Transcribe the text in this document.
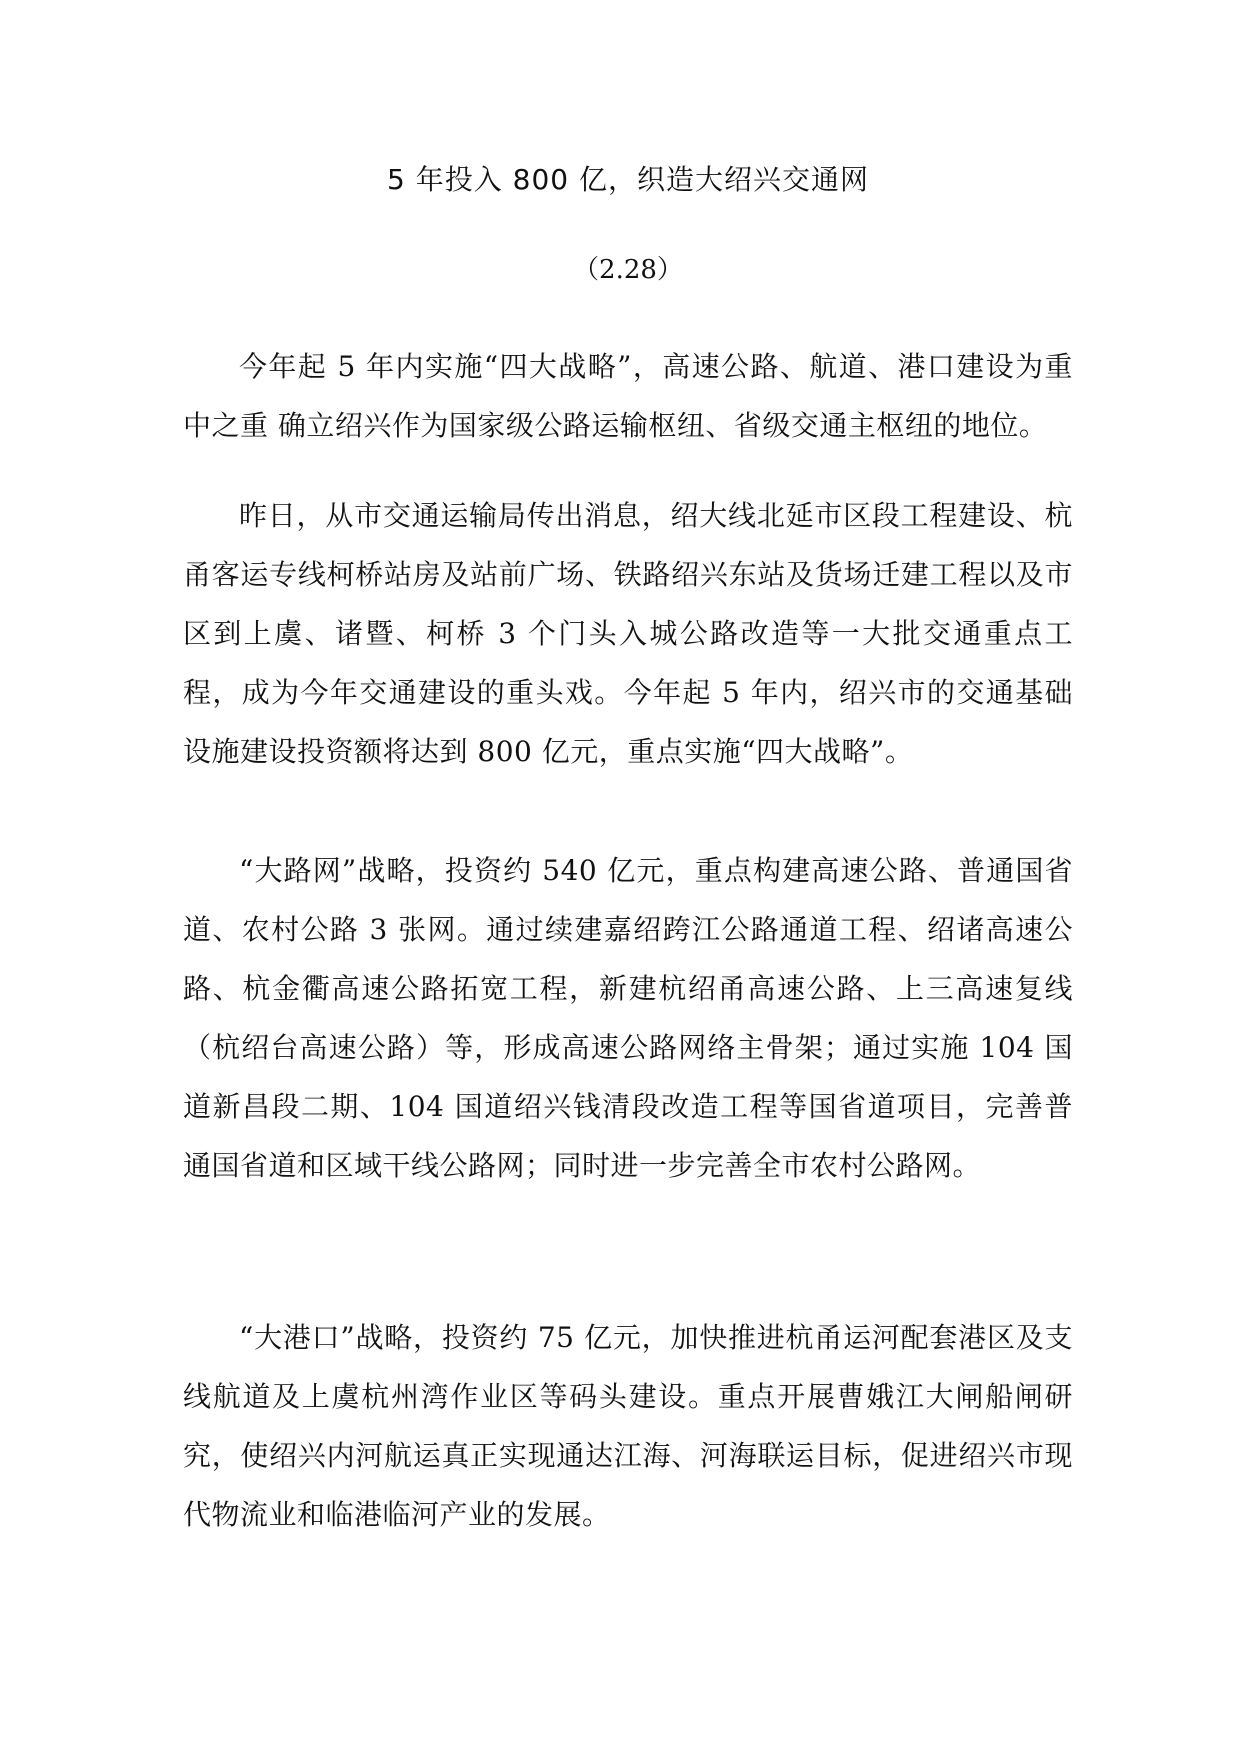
5 年投入 800 亿，织造大绍兴交通网

（2.28）

今年起 5 年内实施“四大战略”，高速公路、航道、港口建设为重中之重 确立绍兴作为国家级公路运输枢纽、省级交通主枢纽的地位。

昨日，从市交通运输局传出消息，绍大线北延市区段工程建设、杭甬客运专线柯桥站房及站前广场、铁路绍兴东站及货场迁建工程以及市区到上虞、诸暨、柯桥 3 个门头入城公路改造等一大批交通重点工程，成为今年交通建设的重头戏。今年起 5 年内，绍兴市的交通基础设施建设投资额将达到 800 亿元，重点实施“四大战略”。

“大路网”战略，投资约 540 亿元，重点构建高速公路、普通国省道、农村公路 3 张网。通过续建嘉绍跨江公路通道工程、绍诸高速公路、杭金衢高速公路拓宽工程，新建杭绍甬高速公路、上三高速复线（杭绍台高速公路）等，形成高速公路网络主骨架；通过实施 104 国道新昌段二期、104 国道绍兴钱清段改造工程等国省道项目，完善普通国省道和区域干线公路网；同时进一步完善全市农村公路网。

“大港口”战略，投资约 75 亿元，加快推进杭甬运河配套港区及支线航道及上虞杭州湾作业区等码头建设。重点开展曹娥江大闸船闸研究，使绍兴内河航运真正实现通达江海、河海联运目标，促进绍兴市现代物流业和临港临河产业的发展。
